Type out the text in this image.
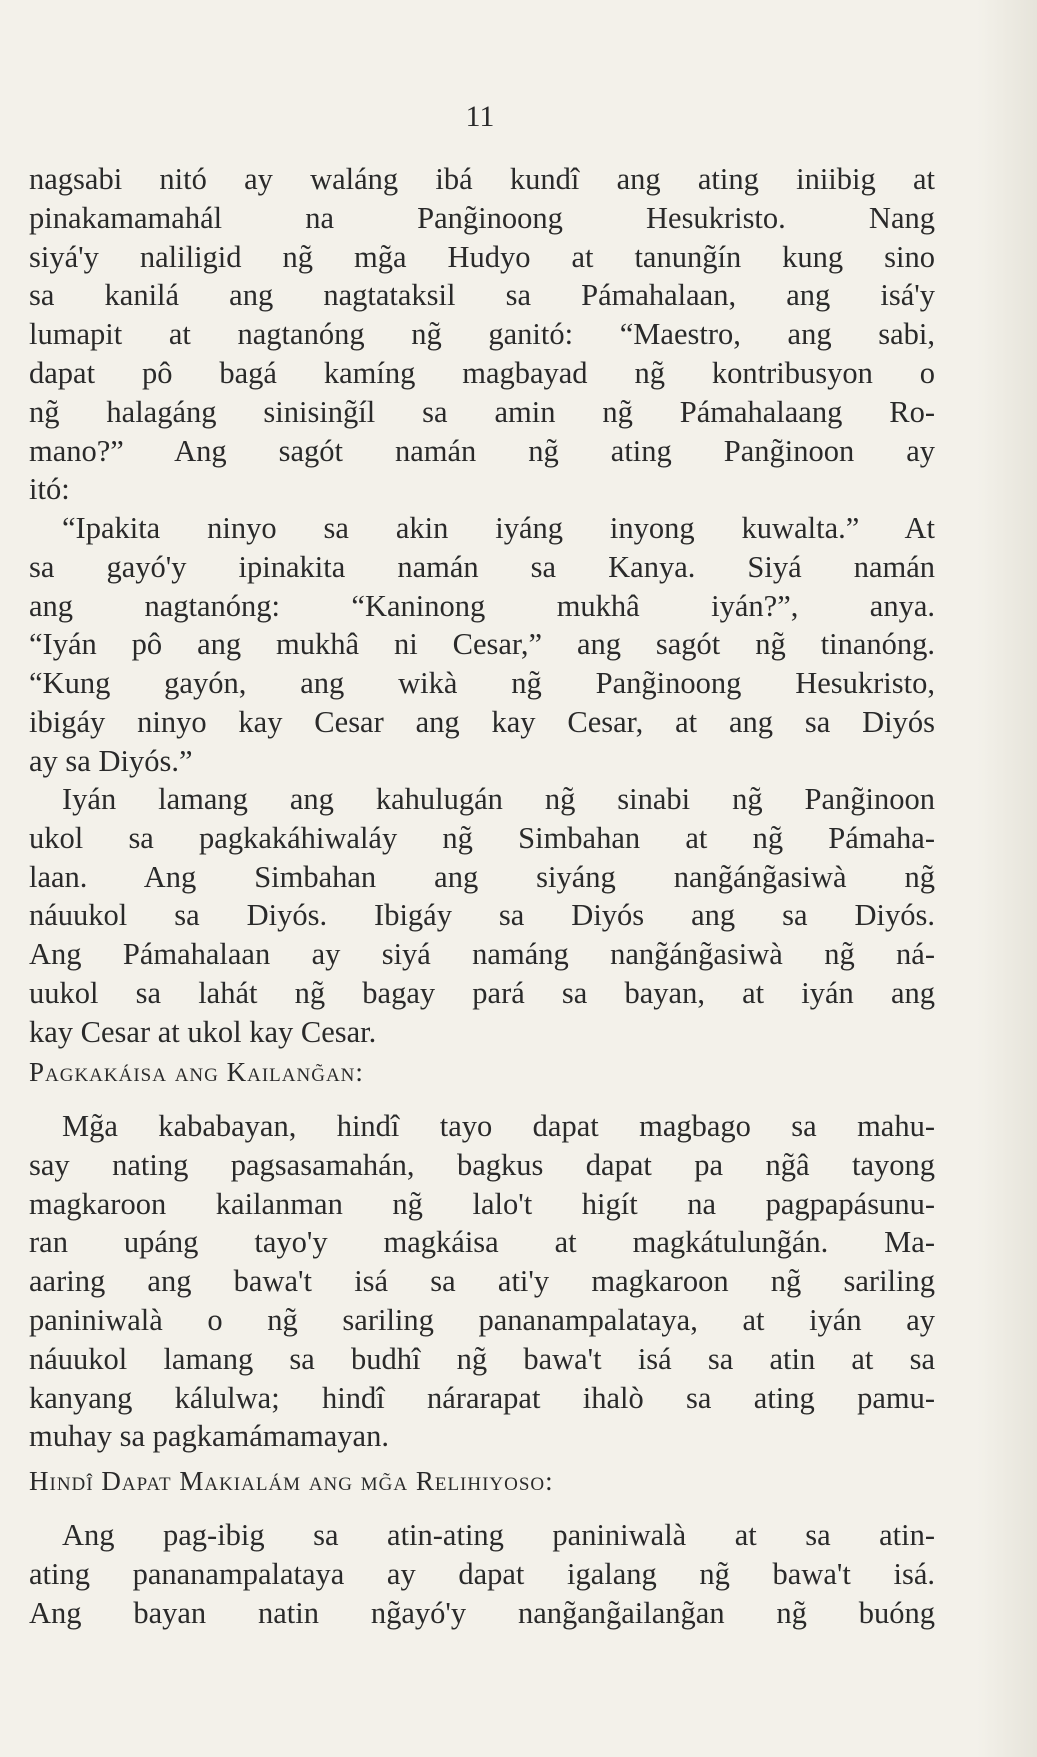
11
nagsabi nitó ay waláng ibá kundî ang ating iniibig at
pinakamamahál na Pang̃inoong Hesukristo. Nang
siyá'y naliligid ng̃ mg̃a Hudyo at tanung̃ín kung sino
sa kanilá ang nagtataksil sa Pámahalaan, ang isá'y
lumapit at nagtanóng ng̃ ganitó: “Maestro, ang sabi,
dapat pô bagá kamíng magbayad ng̃ kontribusyon o
ng̃ halagáng sinising̃íl sa amin ng̃ Pámahalaang Ro-
mano?” Ang sagót namán ng̃ ating Pang̃inoon ay
itó:
“Ipakita ninyo sa akin iyáng inyong kuwalta.” At
sa gayó'y ipinakita namán sa Kanya. Siyá namán
ang nagtanóng: “Kaninong mukhâ iyán?”, anya.
“Iyán pô ang mukhâ ni Cesar,” ang sagót ng̃ tinanóng.
“Kung gayón, ang wikà ng̃ Pang̃inoong Hesukristo,
ibigáy ninyo kay Cesar ang kay Cesar, at ang sa Diyós
ay sa Diyós.”
Iyán lamang ang kahulugán ng̃ sinabi ng̃ Pang̃inoon
ukol sa pagkakáhiwaláy ng̃ Simbahan at ng̃ Pámaha-
laan. Ang Simbahan ang siyáng nang̃áng̃asiwà ng̃
náuukol sa Diyós. Ibigáy sa Diyós ang sa Diyós.
Ang Pámahalaan ay siyá namáng nang̃áng̃asiwà ng̃ ná-
uukol sa lahát ng̃ bagay pará sa bayan, at iyán ang
kay Cesar at ukol kay Cesar.
Pagkakáisa ang Kailang̃an:
Mg̃a kababayan, hindî tayo dapat magbago sa mahu-
say nating pagsasamahán, bagkus dapat pa ng̃â tayong
magkaroon kailanman ng̃ lalo't higít na pagpapásunu-
ran upáng tayo'y magkáisa at magkátulung̃án. Ma-
aaring ang bawa't isá sa ati'y magkaroon ng̃ sariling
paniniwalà o ng̃ sariling pananampalataya, at iyán ay
náuukol lamang sa budhî ng̃ bawa't isá sa atin at sa
kanyang kálulwa; hindî nárarapat ihalò sa ating pamu-
muhay sa pagkamámamayan.
Hindî Dapat Makialám ang mg̃a Relihiyoso:
Ang pag-ibig sa atin-ating paniniwalà at sa atin-
ating pananampalataya ay dapat igalang ng̃ bawa't isá.
Ang bayan natin ng̃ayó'y nang̃ang̃ailang̃an ng̃ buóng
